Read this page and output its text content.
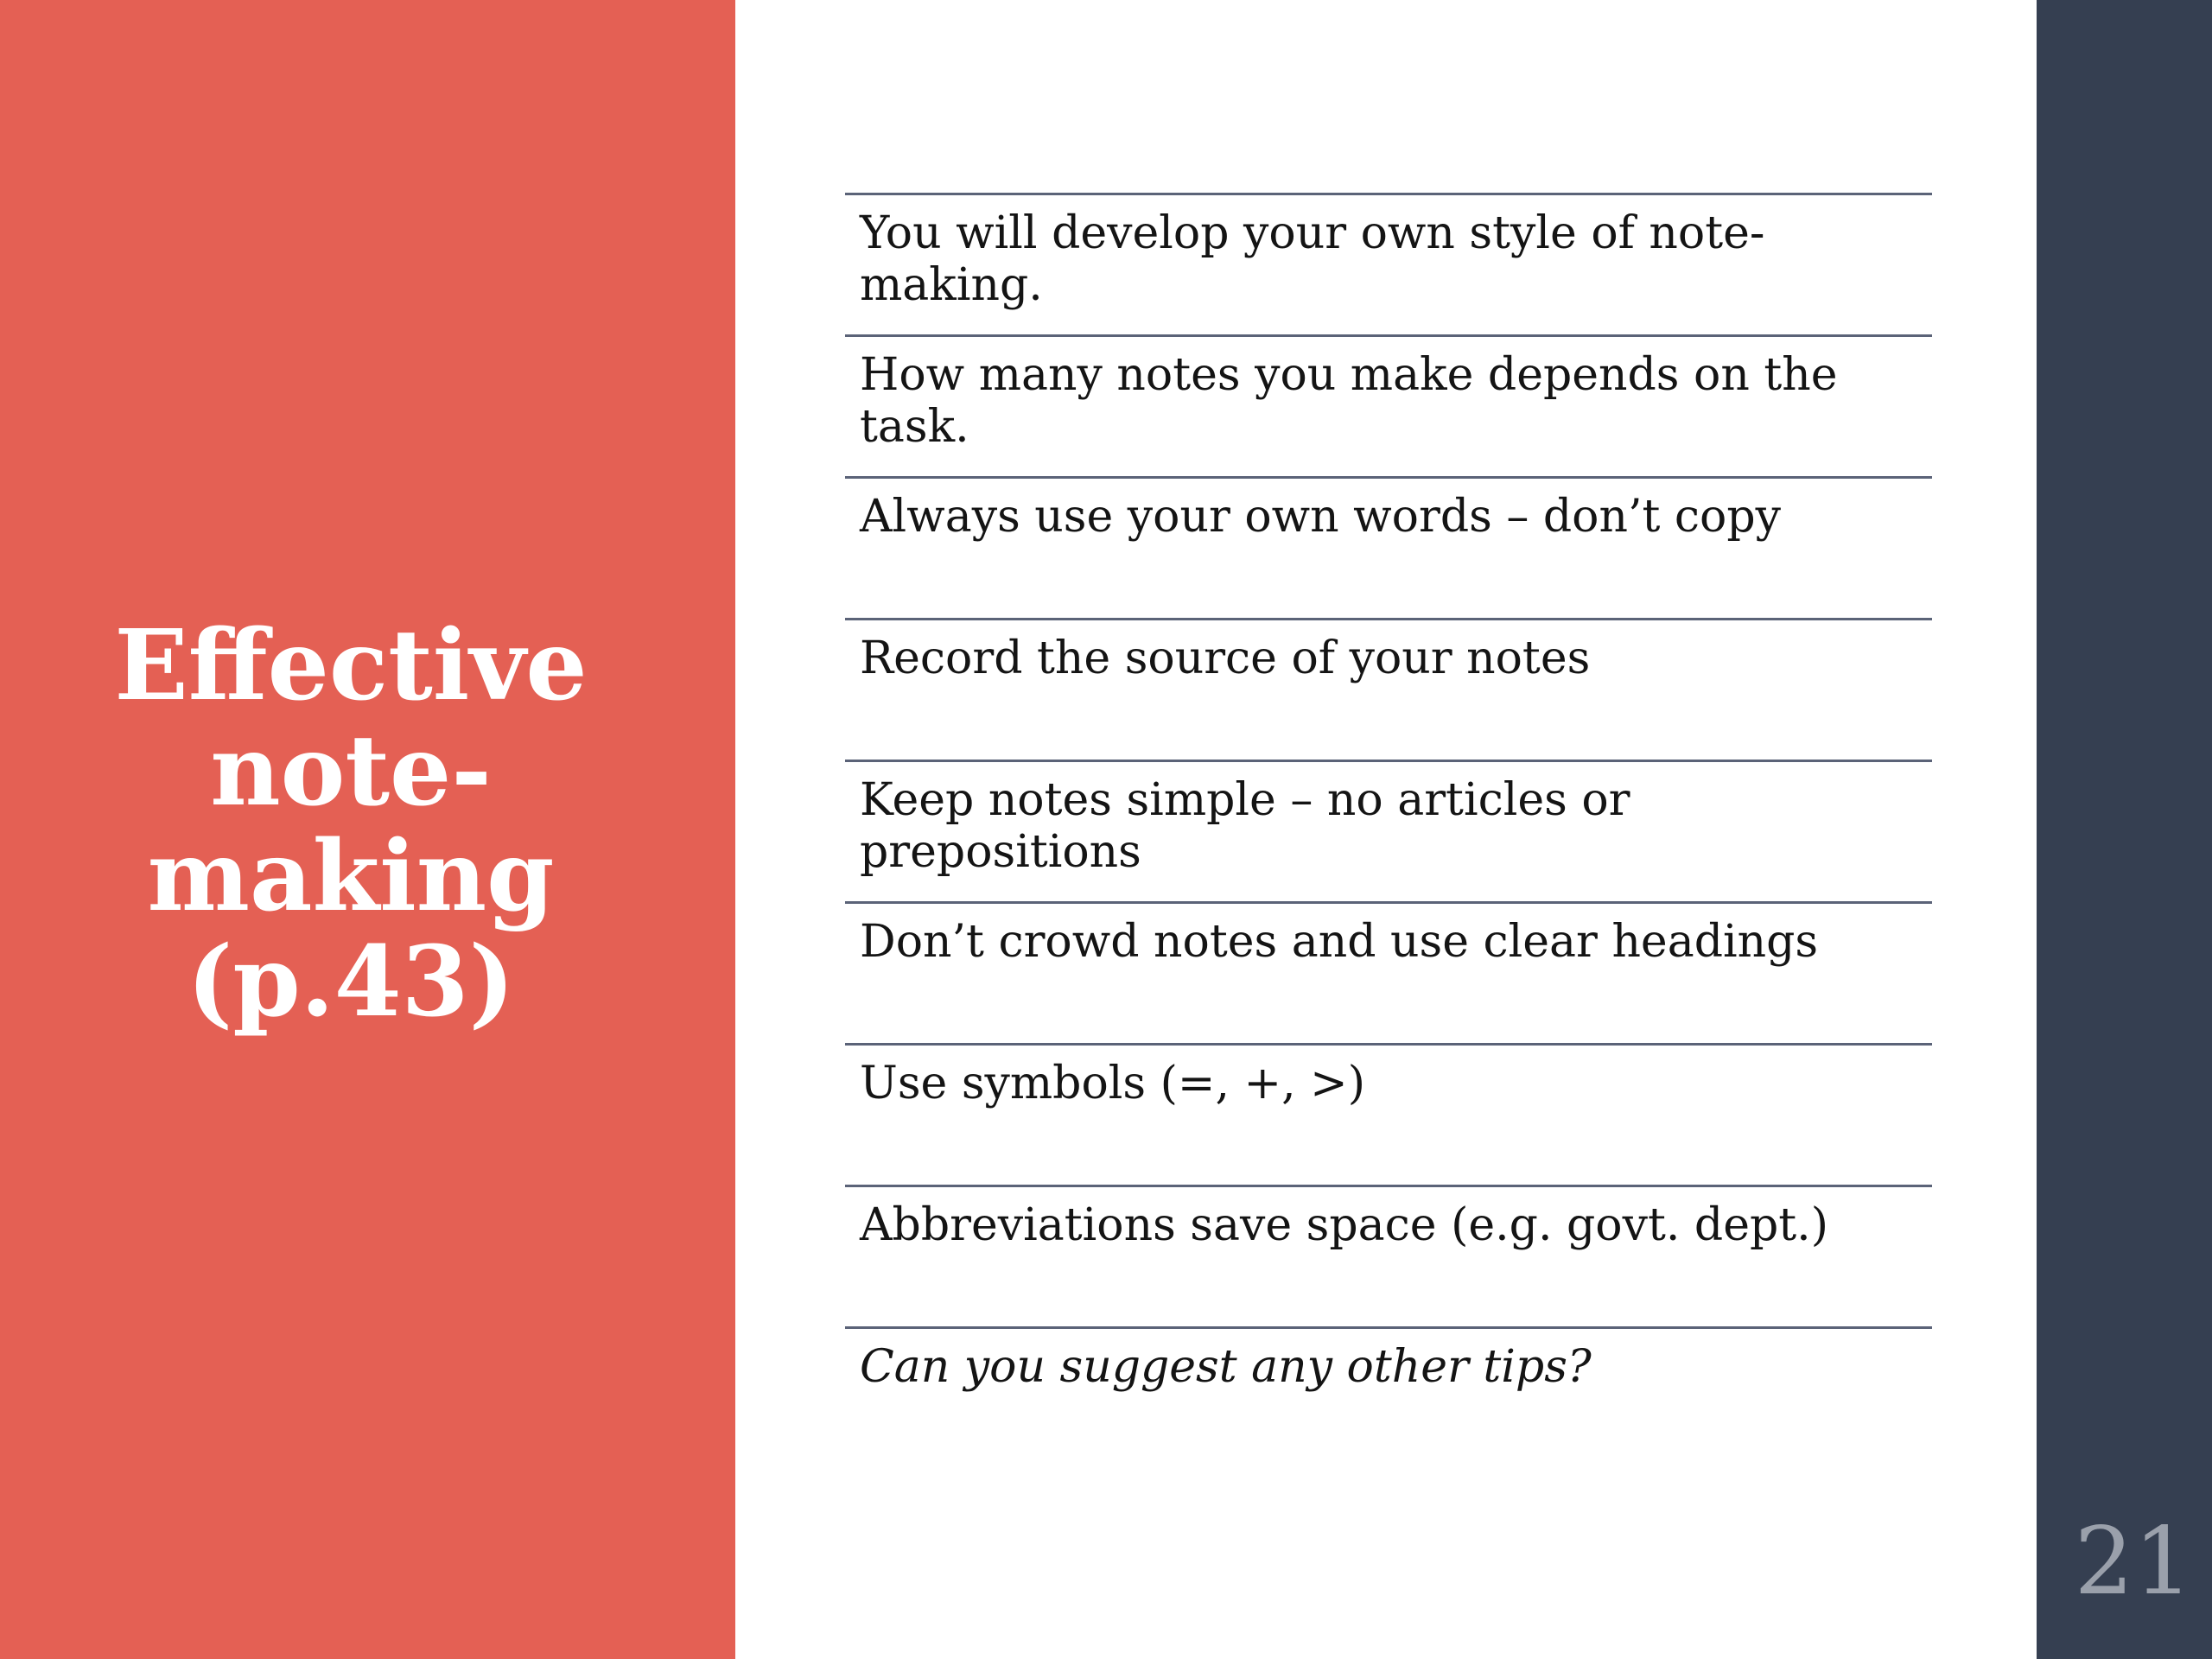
Effective
note-
making
(p.43)
You will develop your own style of note-making.
How many notes you make depends on the task.
Always use your own words – don’t copy
Record the source of your notes
Keep notes simple – no articles or prepositions
Don’t crowd notes and use clear headings
Use symbols (=, +, >)
Abbreviations save space (e.g. govt. dept.)
Can you suggest any other tips?
21
